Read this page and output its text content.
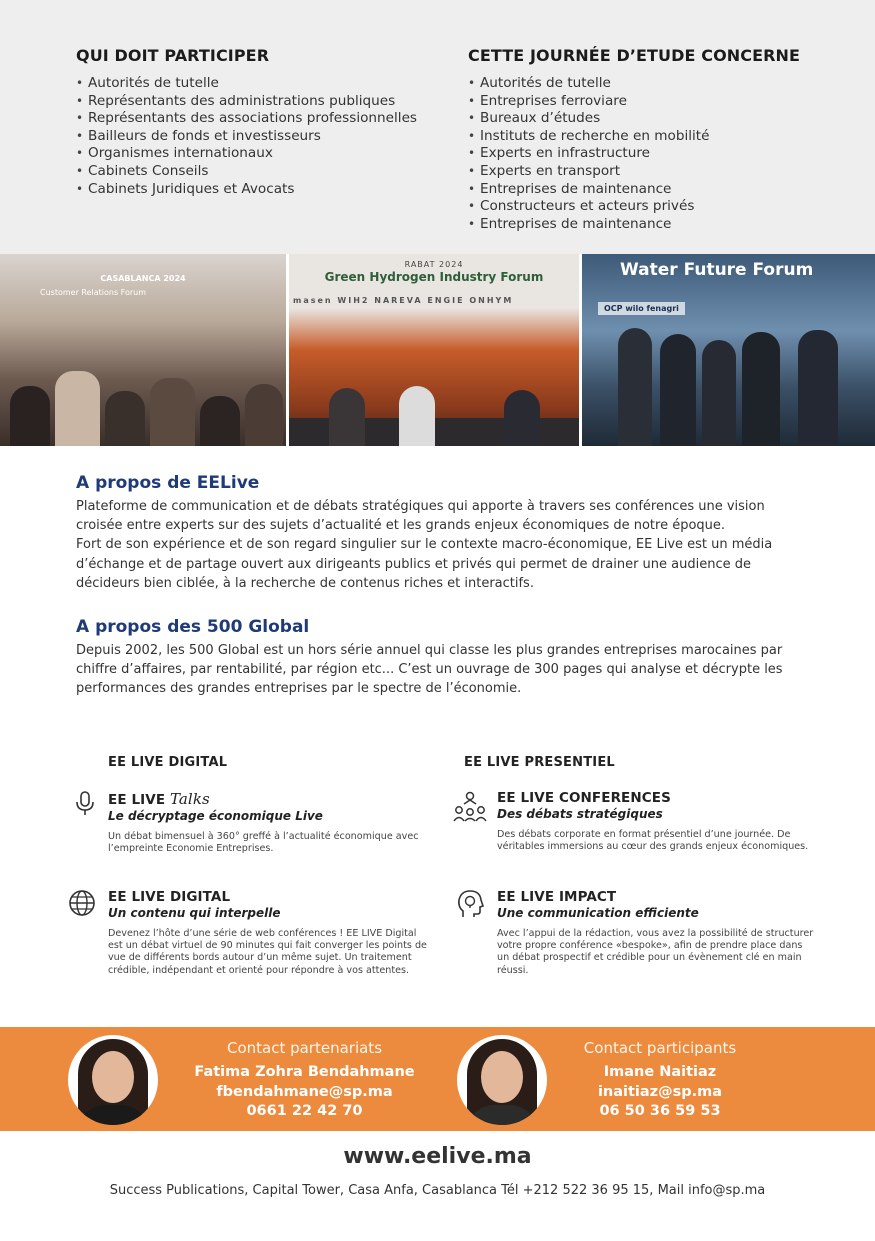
QUI DOIT PARTICIPER
• Autorités de tutelle
• Représentants des administrations publiques
• Représentants des associations professionnelles
• Bailleurs de fonds et investisseurs
• Organismes internationaux
• Cabinets Conseils
• Cabinets Juridiques et Avocats
CETTE JOURNÉE D’ETUDE CONCERNE
• Autorités de tutelle
• Entreprises ferroviare
• Bureaux d’études
• Instituts de recherche en mobilité
• Experts en infrastructure
• Experts en transport
• Entreprises de maintenance
• Constructeurs et acteurs privés
• Entreprises de maintenance
CASABLANCA 2024
Customer Relations Forum
RABAT 2024
Green Hydrogen Industry Forum
masen WIH2 NAREVA ENGIE ONHYM
Water Future Forum
OCP wilo fenagri
A propos de EELive

Plateforme de communication et de débats stratégiques qui apporte à travers ses conférences une vision croisée entre experts sur des sujets d’actualité et les grands enjeux économiques de notre époque.

Fort de son expérience et de son regard singulier sur le contexte macro-économique, EE Live est un média d’échange et de partage ouvert aux dirigeants publics et privés qui permet de drainer une audience de décideurs bien ciblée, à la recherche de contenus riches et interactifs.

A propos des 500 Global

Depuis 2002, les 500 Global est un hors série annuel qui classe les plus grandes entreprises marocaines par chiffre d’affaires, par rentabilité, par région etc... C’est un ouvrage de 300 pages qui analyse et décrypte les performances des grandes entreprises par le spectre de l’économie.

EE LIVE DIGITAL	EE LIVE PRESENTIEL
EE LIVE Talks
Le décryptage économique Live
Un débat bimensuel à 360° greffé à l’actualité économique avec l’empreinte Economie Entreprises.
EE LIVE CONFERENCES
Des débats stratégiques
Des débats corporate en format présentiel d’une journée. De véritables immersions au cœur des grands enjeux économiques.
EE LIVE DIGITAL
Un contenu qui interpelle
Devenez l’hôte d’une série de web conférences ! EE LIVE Digital est un débat virtuel de 90 minutes qui fait converger les points de vue de différents bords autour d’un même sujet. Un traitement crédible, indépendant et orienté pour répondre à vos attentes.
EE LIVE IMPACT
Une communication efficiente
Avec l’appui de la rédaction, vous avez la possibilité de structurer votre propre conférence «bespoke», afin de prendre place dans un débat prospectif et crédible pour un évènement clé en main réussi.
Contact partenariats
Fatima Zohra Bendahmane
fbendahmane@sp.ma
0661 22 42 70
Contact participants
Imane Naitiaz
inaitiaz@sp.ma
06 50 36 59 53
www.eelive.ma
Success Publications, Capital Tower, Casa Anfa, Casablanca Tél +212 522 36 95 15, Mail info@sp.ma
